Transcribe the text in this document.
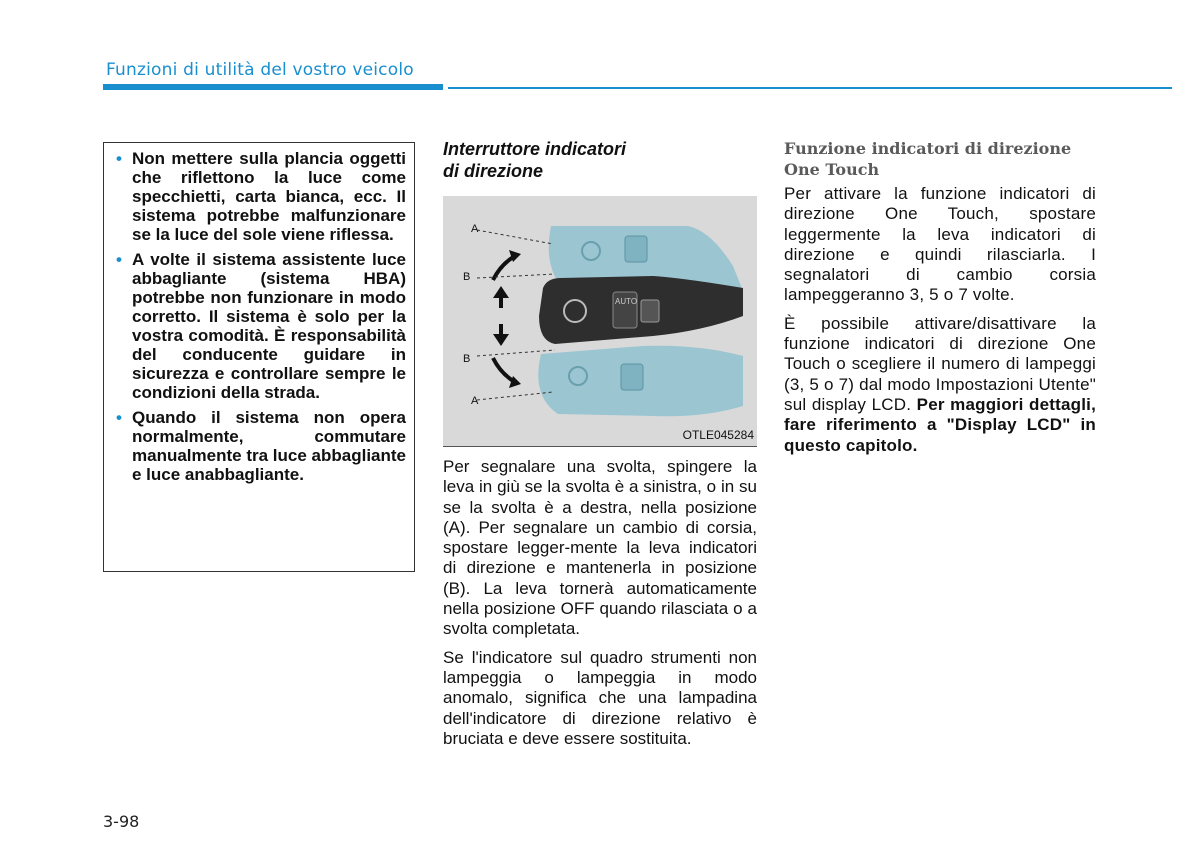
Funzioni di utilità del vostro veicolo
• Non mettere sulla plancia oggetti che riflettono la luce come specchietti, carta bianca, ecc. Il sistema potrebbe malfunzionare se la luce del sole viene riflessa.
• A volte il sistema assistente luce abbagliante (sistema HBA) potrebbe non funzionare in modo corretto. Il sistema è solo per la vostra comodità. È responsabilità del conducente guidare in sicurezza e controllare sempre le condizioni della strada.
• Quando il sistema non opera normalmente, commutare manualmente tra luce abbagliante e luce anabbagliante.
Interruttore indicatori
di direzione
AUTO
A
B
B
A
OTLE045284

Per segnalare una svolta, spingere la leva in giù se la svolta è a sinistra, o in su se la svolta è a destra, nella posizione (A). Per segnalare un cambio di corsia, spostare legger-mente la leva indicatori di direzione e mantenerla in posizione (B). La leva tornerà automaticamente nella posizione OFF quando rilasciata o a svolta completata.

Se l'indicatore sul quadro strumenti non lampeggia o lampeggia in modo anomalo, significa che una lampadina dell'indicatore di direzione relativo è bruciata e deve essere sostituita.

Funzione indicatori di direzione
One Touch

Per attivare la funzione indicatori di direzione One Touch, spostare leggermente la leva indicatori di direzione e quindi rilasciarla. I segnalatori di cambio corsia lampeggeranno 3, 5 o 7 volte.

È possibile attivare/disattivare la funzione indicatori di direzione One Touch o scegliere il numero di lampeggi (3, 5 o 7) dal modo Impostazioni Utente" sul display LCD. Per maggiori dettagli, fare riferimento a "Display LCD" in questo capitolo.

3-98
